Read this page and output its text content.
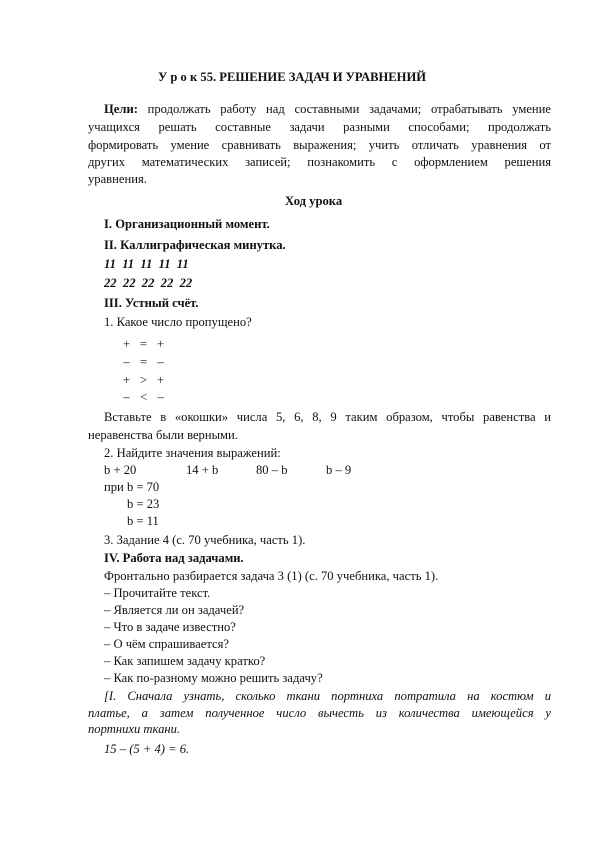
У р о к 55. РЕШЕНИЕ ЗАДАЧ И УРАВНЕНИЙ
Цели: продолжать работу над составными задачами; отрабатывать умение
учащихся решать составные задачи разными способами; продолжать
формировать умение сравнивать выражения; учить отличать уравнения от
других математических записей; познакомить с оформлением решения
уравнения.
Ход урока
I. Организационный момент.
II. Каллиграфическая минутка.
11  11  11  11  11
22  22  22  22  22
III. Устный счёт.
1. Какое число пропущено?
+ = +
– = –
+ > +
– < –
Вставьте в «окошки» числа 5, 6, 8, 9 таким образом, чтобы равенства и
неравенства были верными.
2. Найдите значения выражений:
b + 20	14 + b	80 – b	b – 9
при b = 70
b = 23
b = 11
3. Задание 4 (с. 70 учебника, часть 1).
IV. Работа над задачами.
Фронтально разбирается задача 3 (1) (с. 70 учебника, часть 1).
– Прочитайте текст.
– Является ли он задачей?
– Что в задаче известно?
– О чём спрашивается?
– Как запишем задачу кратко?
– Как по-разному можно решить задачу?
[I. Сначала узнать, сколько ткани портниха потратила на костюм и
платье, а затем полученное число вычесть из количества имеющейся у
портнихи ткани.
15 – (5 + 4) = 6.
